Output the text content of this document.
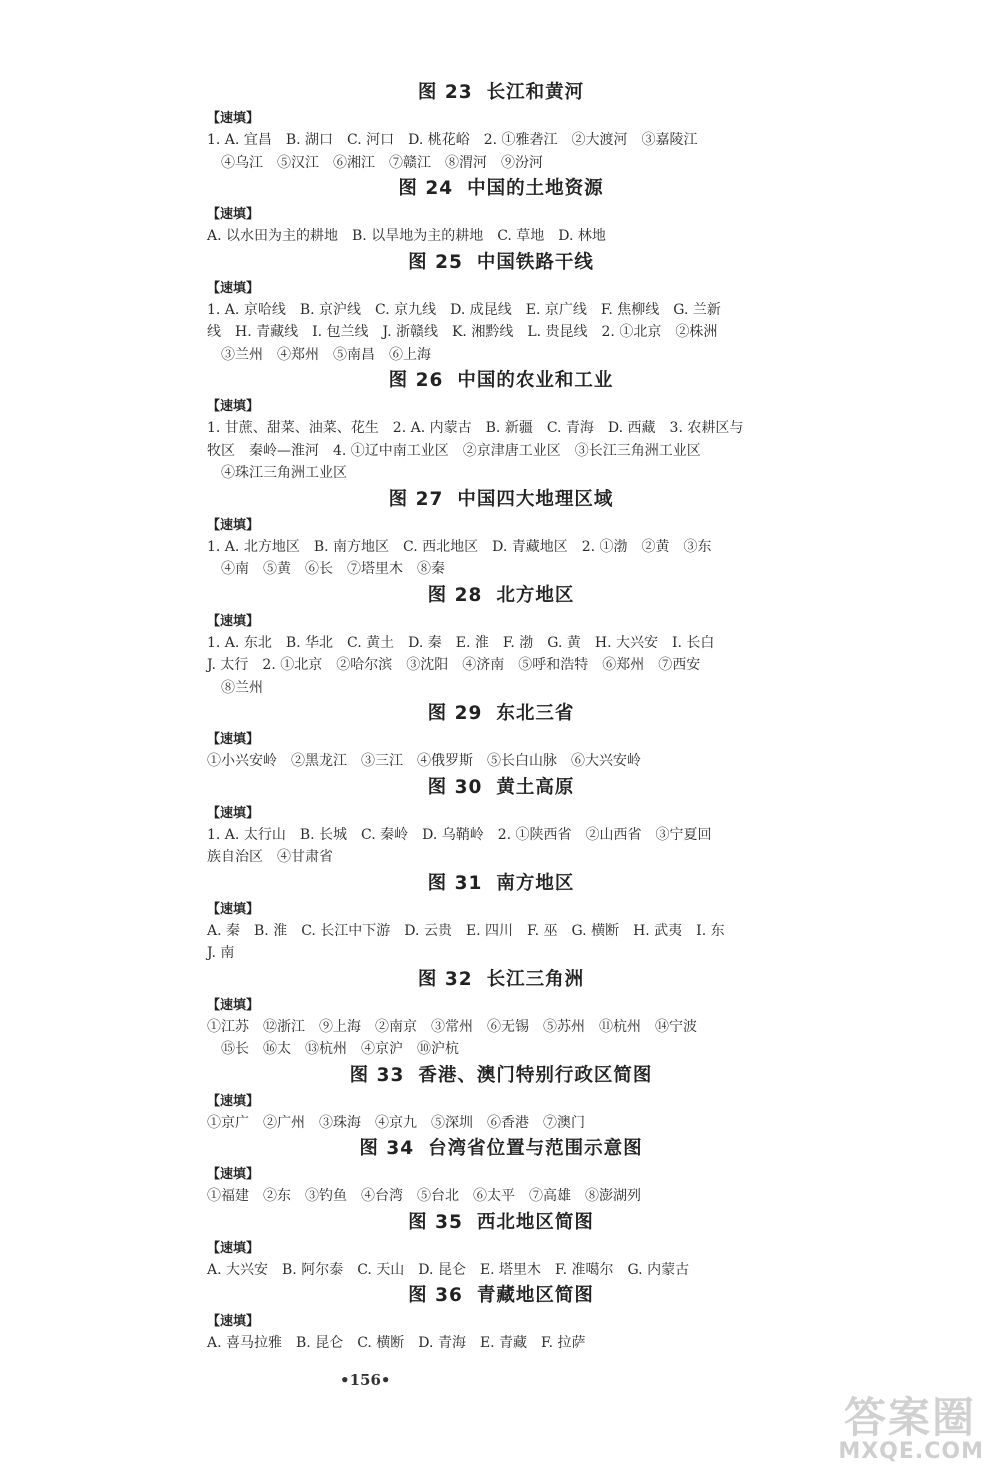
图 23 长江和黄河
【速填】
1. A. 宜昌　B. 湖口　C. 河口　D. 桃花峪　2. ①雅砻江　②大渡河　③嘉陵江
④乌江　⑤汉江　⑥湘江　⑦赣江　⑧渭河　⑨汾河
图 24 中国的土地资源
【速填】
A. 以水田为主的耕地　B. 以旱地为主的耕地　C. 草地　D. 林地
图 25 中国铁路干线
【速填】
1. A. 京哈线　B. 京沪线　C. 京九线　D. 成昆线　E. 京广线　F. 焦柳线　G. 兰新
线　H. 青藏线　I. 包兰线　J. 浙赣线　K. 湘黔线　L. 贵昆线　2. ①北京　②株洲
③兰州　④郑州　⑤南昌　⑥上海
图 26 中国的农业和工业
【速填】
1. 甘蔗、甜菜、油菜、花生　2. A. 内蒙古　B. 新疆　C. 青海　D. 西藏　3. 农耕区与
牧区　秦岭—淮河　4. ①辽中南工业区　②京津唐工业区　③长江三角洲工业区
④珠江三角洲工业区
图 27 中国四大地理区域
【速填】
1. A. 北方地区　B. 南方地区　C. 西北地区　D. 青藏地区　2. ①渤　②黄　③东
④南　⑤黄　⑥长　⑦塔里木　⑧秦
图 28 北方地区
【速填】
1. A. 东北　B. 华北　C. 黄土　D. 秦　E. 淮　F. 渤　G. 黄　H. 大兴安　I. 长白
J. 太行　2. ①北京　②哈尔滨　③沈阳　④济南　⑤呼和浩特　⑥郑州　⑦西安
⑧兰州
图 29 东北三省
【速填】
①小兴安岭　②黑龙江　③三江　④俄罗斯　⑤长白山脉　⑥大兴安岭
图 30 黄土高原
【速填】
1. A. 太行山　B. 长城　C. 秦岭　D. 乌鞘岭　2. ①陕西省　②山西省　③宁夏回
族自治区　④甘肃省
图 31 南方地区
【速填】
A. 秦　B. 淮　C. 长江中下游　D. 云贵　E. 四川　F. 巫　G. 横断　H. 武夷　I. 东
J. 南
图 32 长江三角洲
【速填】
①江苏　⑫浙江　⑨上海　②南京　③常州　⑥无锡　⑤苏州　⑪杭州　⑭宁波
⑮长　⑯太　⑬杭州　④京沪　⑩沪杭
图 33 香港、澳门特别行政区简图
【速填】
①京广　②广州　③珠海　④京九　⑤深圳　⑥香港　⑦澳门
图 34 台湾省位置与范围示意图
【速填】
①福建　②东　③钓鱼　④台湾　⑤台北　⑥太平　⑦高雄　⑧澎湖列
图 35 西北地区简图
【速填】
A. 大兴安　B. 阿尔泰　C. 天山　D. 昆仑　E. 塔里木　F. 准噶尔　G. 内蒙古
图 36 青藏地区简图
【速填】
A. 喜马拉雅　B. 昆仑　C. 横断　D. 青海　E. 青藏　F. 拉萨
•156•
答案圈
MXQE.COM
